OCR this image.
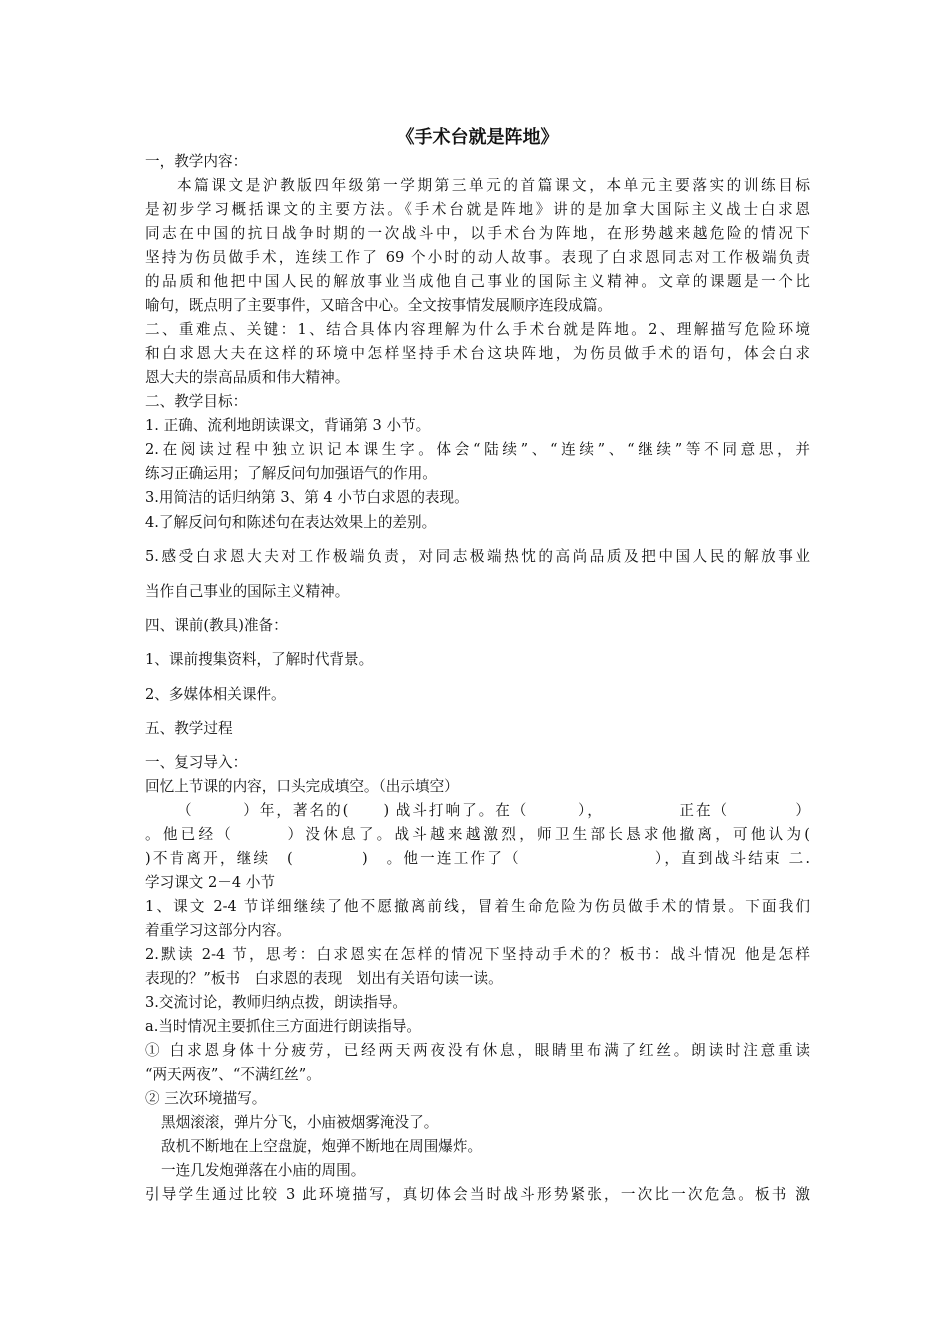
《手术台就是阵地》
一，教学内容：
本篇课文是沪教版四年级第一学期第三单元的首篇课文，本单元主要落实的训练目标
是初步学习概括课文的主要方法。《手术台就是阵地》讲的是加拿大国际主义战士白求恩
同志在中国的抗日战争时期的一次战斗中，以手术台为阵地，在形势越来越危险的情况下
坚持为伤员做手术，连续工作了 69 个小时的动人故事。表现了白求恩同志对工作极端负责
的品质和他把中国人民的解放事业当成他自己事业的国际主义精神。文章的课题是一个比
喻句，既点明了主要事件，又暗含中心。全文按事情发展顺序连段成篇。
二、重难点、关键：1、结合具体内容理解为什么手术台就是阵地。2、理解描写危险环境
和白求恩大夫在这样的环境中怎样坚持手术台这块阵地，为伤员做手术的语句，体会白求
恩大夫的崇高品质和伟大精神。
二、教学目标：
1. 正确、流利地朗读课文，背诵第 3 小节。
2.在阅读过程中独立识记本课生字。体会“陆续”、“连续”、“继续”等不同意思，并
练习正确运用；了解反问句加强语气的作用。
3.用简洁的话归纳第 3、第 4 小节白求恩的表现。
4.了解反问句和陈述句在表达效果上的差别。
5.感受白求恩大夫对工作极端负责，对同志极端热忱的高尚品质及把中国人民的解放事业
当作自己事业的国际主义精神。
四、课前(教具)准备：
1、课前搜集资料，了解时代背景。
2、多媒体相关课件。
五、教学过程
一、复习导入：
回忆上节课的内容，口头完成填空。（出示填空）
（　　　）年，著名的(　　) 战斗打响了。在（　　　），　　　　　正在（　　　　）
。他已经（　　　）没休息了。战斗越来越激烈，师卫生部长恳求他撤离，可他认为(
)不肯离开，继续　(　　　　)　。他一连工作了（　　　　　　　　），直到战斗结束 二.
学习课文 2－4 小节
1、课文 2-4 节详细继续了他不愿撤离前线，冒着生命危险为伤员做手术的情景。下面我们
着重学习这部分内容。
2.默读 2-4 节，思考：白求恩实在怎样的情况下坚持动手术的？板书：战斗情况 他是怎样
表现的？”板书　白求恩的表现　划出有关语句读一读。
3.交流讨论，教师归纳点拨，朗读指导。
a.当时情况主要抓住三方面进行朗读指导。
① 白求恩身体十分疲劳，已经两天两夜没有休息，眼睛里布满了红丝。朗读时注意重读
“两天两夜”、“不满红丝”。
② 三次环境描写。
黑烟滚滚，弹片分飞，小庙被烟雾淹没了。
敌机不断地在上空盘旋，炮弹不断地在周围爆炸。
一连几发炮弹落在小庙的周围。
引导学生通过比较 3 此环境描写，真切体会当时战斗形势紧张，一次比一次危急。板书 激
